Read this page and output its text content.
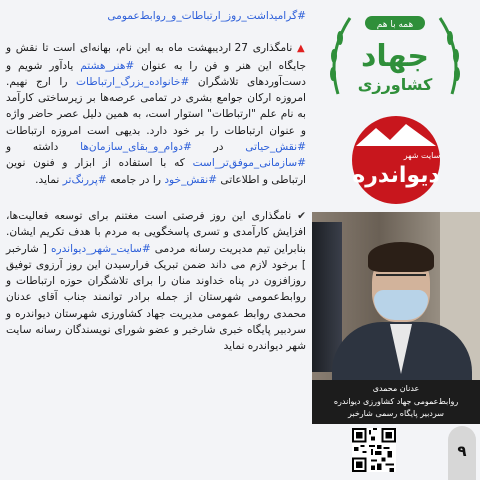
#گرامیداشت_روز_ارتباطات_و_روابط‌عمومی

▲ نامگذاری 27 اردیبهشت ماه به این نام، بهانه‌ای است تا نقش و جایگاه این هنر و فن را به عنوان #هنر_هشتم یادآور شویم و دست‌آوردهای تلاشگران #خانواده_بزرگ_ارتباطات را ارج نهیم. امروزه ارکان جوامع بشری در تمامی عرصه‌ها بر زیرساختی کارآمد به نام علم "ارتباطات" استوار است، به همین دلیل عصر حاضر واژه و عنوان ارتباطات را بر خود دارد. بدیهی است امروزه ارتباطات #نقش_حیاتی در #دوام_و_بقای_سازمان‌ها داشته و #سازمانی_موفق‌تر_است که با استفاده از ابزار و فنون نوین ارتباطی و اطلاعاتی #نقش_خود را در جامعه #پررنگ‌تر نماید.

✔ نامگذاری این روز فرصتی است مغتنم برای توسعه فعالیت‌ها، افزایش کارآمدی و تسری پاسخگویی به مردم با هدف تکریم ایشان. بنابراین تیم مدیریت رسانه مردمی #سایت_شهر_دیواندره [ شارخبر ] برخود لازم می داند ضمن تبریک فرارسیدن این روز آرزوی توفیق روزافزون در پناه خداوند منان را برای تلاشگران حوزه ارتباطات و روابط‌عمومی شهرستان از جمله برادر توانمند جناب آقای عدنان محمدی روابط عمومی مدیریت جهاد کشاورزی شهرستان دیواندره و سردبیر پایگاه خبری شارخبر و عضو شورای نویسندگان رسانه سایت شهر دیواندره نماید

همه با هم
جهاد
کشاورزی
سایت شهر
دیواندره
عدنان محمدی
روابط‌عمومی جهاد کشاورزی دیواندره
سردبیر پایگاه رسمی شارخبر
۹
